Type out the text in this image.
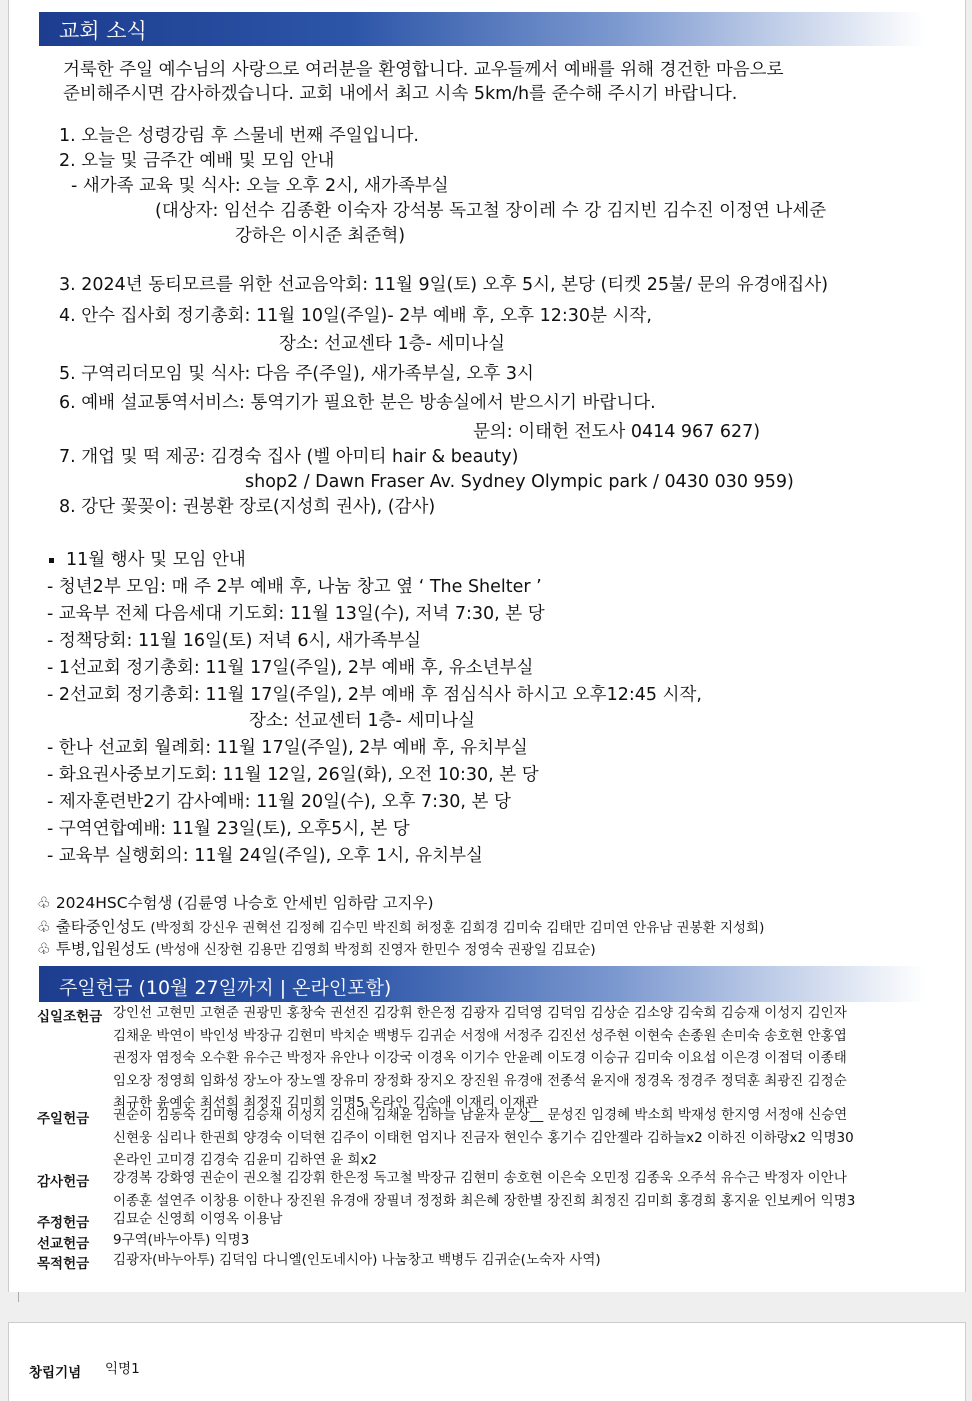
교회 소식
거룩한 주일 예수님의 사랑으로 여러분을 환영합니다. 교우들께서 예배를 위해 경건한 마음으로
준비해주시면 감사하겠습니다. 교회 내에서 최고 시속 5km/h를 준수해 주시기 바랍니다.
1. 오늘은 성령강림 후 스물네 번째 주일입니다.
2. 오늘 및 금주간 예배 및 모임 안내
- 새가족 교육 및 식사: 오늘 오후 2시, 새가족부실
(대상자: 임선수 김종환 이숙자 강석봉 독고철 장이레 수 강 김지빈 김수진 이정연 나세준
강하은 이시준 최준혁)
3. 2024년 동티모르를 위한 선교음악회: 11월 9일(토) 오후 5시, 본당 (티켓 25불/ 문의 유경애집사)
4. 안수 집사회 정기총회: 11월 10일(주일)- 2부 예배 후, 오후 12:30분 시작,
장소: 선교센타 1층- 세미나실
5. 구역리더모임 및 식사: 다음 주(주일), 새가족부실, 오후 3시
6. 예배 설교통역서비스: 통역기가 필요한 분은 방송실에서 받으시기 바랍니다.
문의: 이태헌 전도사 0414 967 627)
7. 개업 및 떡 제공: 김경숙 집사 (벨 아미티 hair & beauty)
shop2 / Dawn Fraser Av. Sydney Olympic park / 0430 030 959)
8. 강단 꽃꽂이: 권봉환 장로(지성희 권사), (감사)
11월 행사 및 모임 안내
- 청년2부 모임: 매 주 2부 예배 후, 나눔 창고 옆 ‘ The Shelter ’
- 교육부 전체 다음세대 기도회: 11월 13일(수), 저녁 7:30, 본 당
- 정책당회: 11월 16일(토) 저녁 6시, 새가족부실
- 1선교회 정기총회: 11월 17일(주일), 2부 예배 후, 유소년부실
- 2선교회 정기총회: 11월 17일(주일), 2부 예배 후 점심식사 하시고 오후12:45 시작,
장소: 선교센터 1층- 세미나실
- 한나 선교회 월례회: 11월 17일(주일), 2부 예배 후, 유치부실
- 화요권사중보기도회: 11월 12일, 26일(화), 오전 10:30, 본 당
- 제자훈련반2기 감사예배: 11월 20일(수), 오후 7:30, 본 당
- 구역연합예배: 11월 23일(토), 오후5시, 본 당
- 교육부 실행회의: 11월 24일(주일), 오후 1시, 유치부실
♧ 2024HSC수험생 (김륜영 나승호 안세빈 임하람 고지우)
♧ 출타중인성도 (박정희 강신우 권혁선 김정혜 김수민 박진희 허정훈 김희경 김미숙 김태만 김미연 안유남 권봉환 지성희)
♧ 투병,입원성도 (박성애 신장현 김용만 김영희 박정희 진영자 한민수 정영숙 권광일 김묘순)
주일헌금 (10월 27일까지 | 온라인포함)
십일조헌금 강인선 고현민 고현준 권광민 홍창숙 권선진 김강휘 한은정 김광자 김덕영 김덕임 김상순 김소양 김숙희 김승재 이성지 김인자
김채운 박연이 박인성 박장규 김현미 박치순 백병두 김귀순 서정애 서정주 김진선 성주현 이현숙 손종원 손미숙 송호현 안홍엽
권정자 염정숙 오수환 유수근 박정자 유안나 이강국 이경옥 이기수 안윤례 이도경 이승규 김미숙 이요섭 이은경 이점덕 이종태
임오장 정영희 임화성 장노아 장노엘 장유미 장정화 장지오 장진원 유경애 전종석 윤지애 정경옥 정경주 정덕훈 최광진 김정순
최규한 윤예순 최선희 최정진 김미희 익명5 온라인 김순애 이재리 이재관
주일헌금 권순이 김동숙 김미형 김승재 이성지 김신애 김채윤 김하늘 남윤자 문상__ 문성진 임경혜 박소희 박재성 한지영 서정애 신승연
신현웅 심리나 한권희 양경숙 이덕현 김주이 이태헌 엄지나 진금자 현인수 홍기수 김안젤라 김하늘x2 이하진 이하랑x2 익명30
온라인 고미경 김경숙 김윤미 김하연 윤 희x2
감사헌금 강경복 강화영 권순이 권오철 김강휘 한은정 독고철 박장규 김현미 송호현 이은숙 오민정 김종욱 오주석 유수근 박정자 이안나
이종훈 설연주 이창용 이한나 장진원 유경애 장필녀 정정화 최은혜 장한별 장진희 최정진 김미희 홍경희 홍지윤 인보케어 익명3
주정헌금 김묘순 신영희 이영옥 이용남
선교헌금 9구역(바누아투) 익명3
목적헌금 김광자(바누아투) 김덕임 다니엘(인도네시아) 나눔창고 백병두 김귀순(노숙자 사역)
창립기념 익명1
